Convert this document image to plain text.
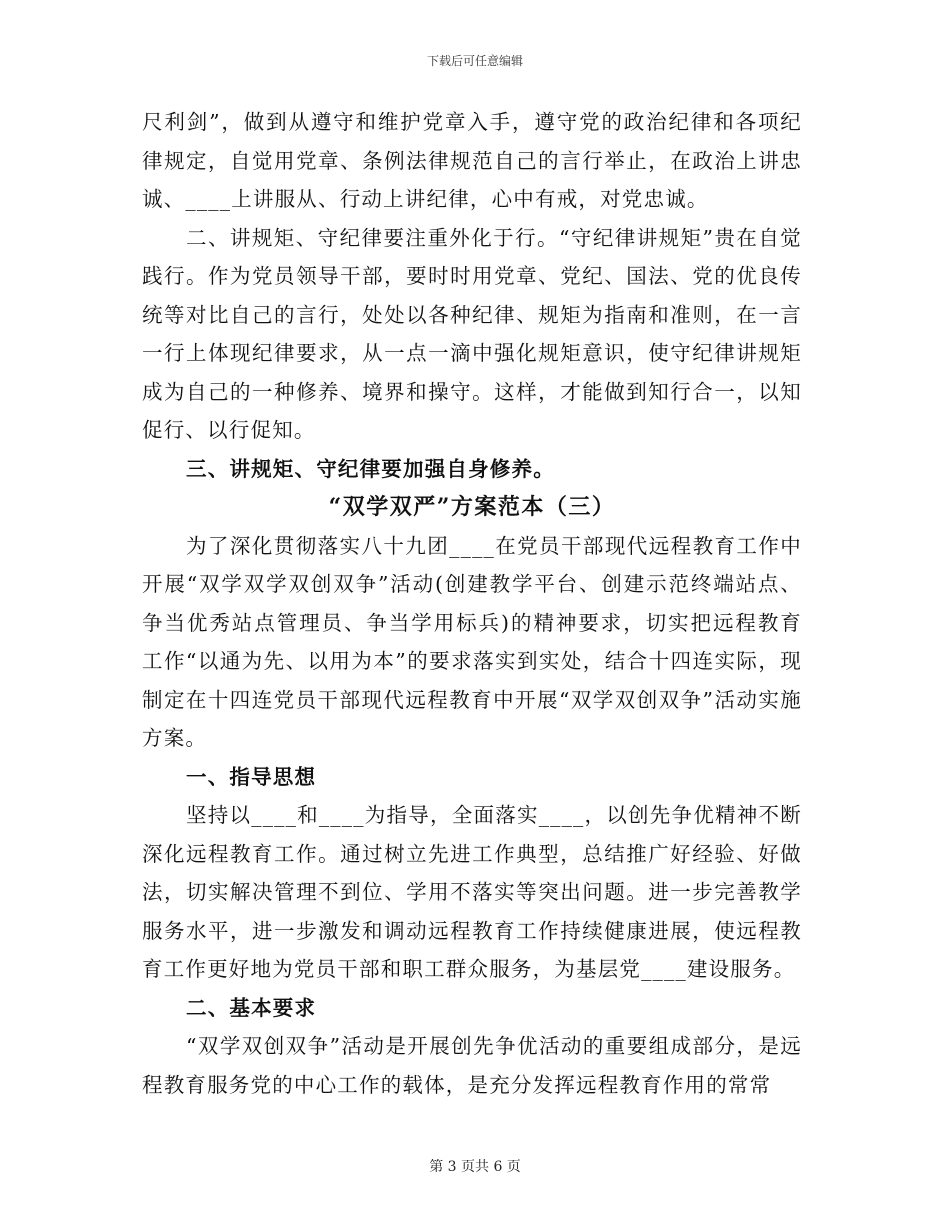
下载后可任意编辑

尺利剑”，做到从遵守和维护党章入手，遵守党的政治纪律和各项纪律规定，自觉用党章、条例法律规范自己的言行举止，在政治上讲忠诚、____上讲服从、行动上讲纪律，心中有戒，对党忠诚。

二、讲规矩、守纪律要注重外化于行。“守纪律讲规矩”贵在自觉践行。作为党员领导干部，要时时用党章、党纪、国法、党的优良传统等对比自己的言行，处处以各种纪律、规矩为指南和准则，在一言一行上体现纪律要求，从一点一滴中强化规矩意识，使守纪律讲规矩成为自己的一种修养、境界和操守。这样，才能做到知行合一，以知促行、以行促知。

三、讲规矩、守纪律要加强自身修养。

“双学双严”方案范本（三）

为了深化贯彻落实八十九团____在党员干部现代远程教育工作中开展“双学双学双创双争”活动(创建教学平台、创建示范终端站点、争当优秀站点管理员、争当学用标兵)的精神要求，切实把远程教育工作“以通为先、以用为本”的要求落实到实处，结合十四连实际，现制定在十四连党员干部现代远程教育中开展“双学双创双争”活动实施方案。

一、指导思想

坚持以____和____为指导，全面落实____，以创先争优精神不断深化远程教育工作。通过树立先进工作典型，总结推广好经验、好做法，切实解决管理不到位、学用不落实等突出问题。进一步完善教学服务水平，进一步激发和调动远程教育工作持续健康进展，使远程教育工作更好地为党员干部和职工群众服务，为基层党____建设服务。

二、基本要求

“双学双创双争”活动是开展创先争优活动的重要组成部分，是远程教育服务党的中心工作的载体，是充分发挥远程教育作用的常常

第 3 页共 6 页
